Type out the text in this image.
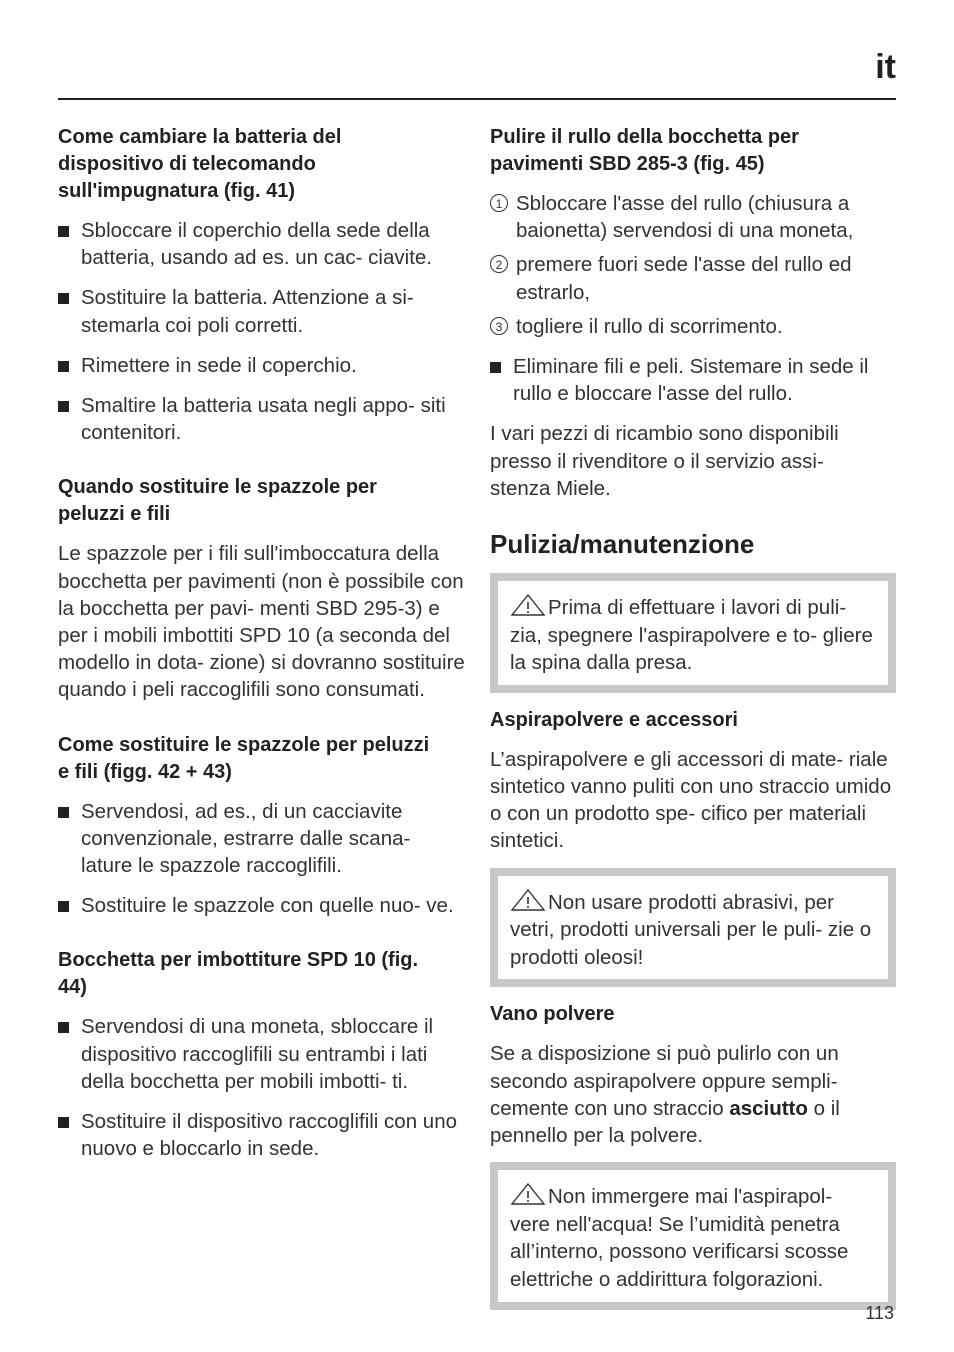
it
Come cambiare la batteria del dispositivo di telecomando sull'impugnatura (fig. 41)
Sbloccare il coperchio della sede della batteria, usando ad es. un cac- ciavite.
Sostituire la batteria. Attenzione a si- stemarla coi poli corretti.
Rimettere in sede il coperchio.
Smaltire la batteria usata negli appo- siti contenitori.
Quando sostituire le spazzole per peluzzi e fili

Le spazzole per i fili sull'imboccatura della bocchetta per pavimenti (non è possibile con la bocchetta per pavi- menti SBD 295-3) e per i mobili imbottiti SPD 10 (a seconda del modello in dota- zione) si dovranno sostituire quando i peli raccoglifili sono consumati.

Come sostituire le spazzole per peluzzi e fili (figg. 42 + 43)
Servendosi, ad es., di un cacciavite convenzionale, estrarre dalle scana- lature le spazzole raccoglifili.
Sostituire le spazzole con quelle nuo- ve.
Bocchetta per imbottiture SPD 10 (fig. 44)
Servendosi di una moneta, sbloccare il dispositivo raccoglifili su entrambi i lati della bocchetta per mobili imbotti- ti.
Sostituire il dispositivo raccoglifili con uno nuovo e bloccarlo in sede.
Pulire il rullo della bocchetta per pavimenti SBD 285-3 (fig. 45)
1 Sbloccare l'asse del rullo (chiusura a baionetta) servendosi di una moneta,
2 premere fuori sede l'asse del rullo ed estrarlo,
3 togliere il rullo di scorrimento.
Eliminare fili e peli. Sistemare in sede il rullo e bloccare l'asse del rullo.

I vari pezzi di ricambio sono disponibili presso il rivenditore o il servizio assi- stenza Miele.

Pulizia/manutenzione
Prima di effettuare i lavori di puli- zia, spegnere l'aspirapolvere e to- gliere la spina dalla presa.
Aspirapolvere e accessori

L’aspirapolvere e gli accessori di mate- riale sintetico vanno puliti con uno straccio umido o con un prodotto spe- cifico per materiali sintetici.

Non usare prodotti abrasivi, per vetri, prodotti universali per le puli- zie o prodotti oleosi!
Vano polvere

Se a disposizione si può pulirlo con un secondo aspirapolvere oppure sempli- cemente con uno straccio asciutto o il pennello per la polvere.

Non immergere mai l'aspirapol- vere nell'acqua! Se l’umidità penetra all’interno, possono verificarsi scosse elettriche o addirittura folgorazioni.
113
